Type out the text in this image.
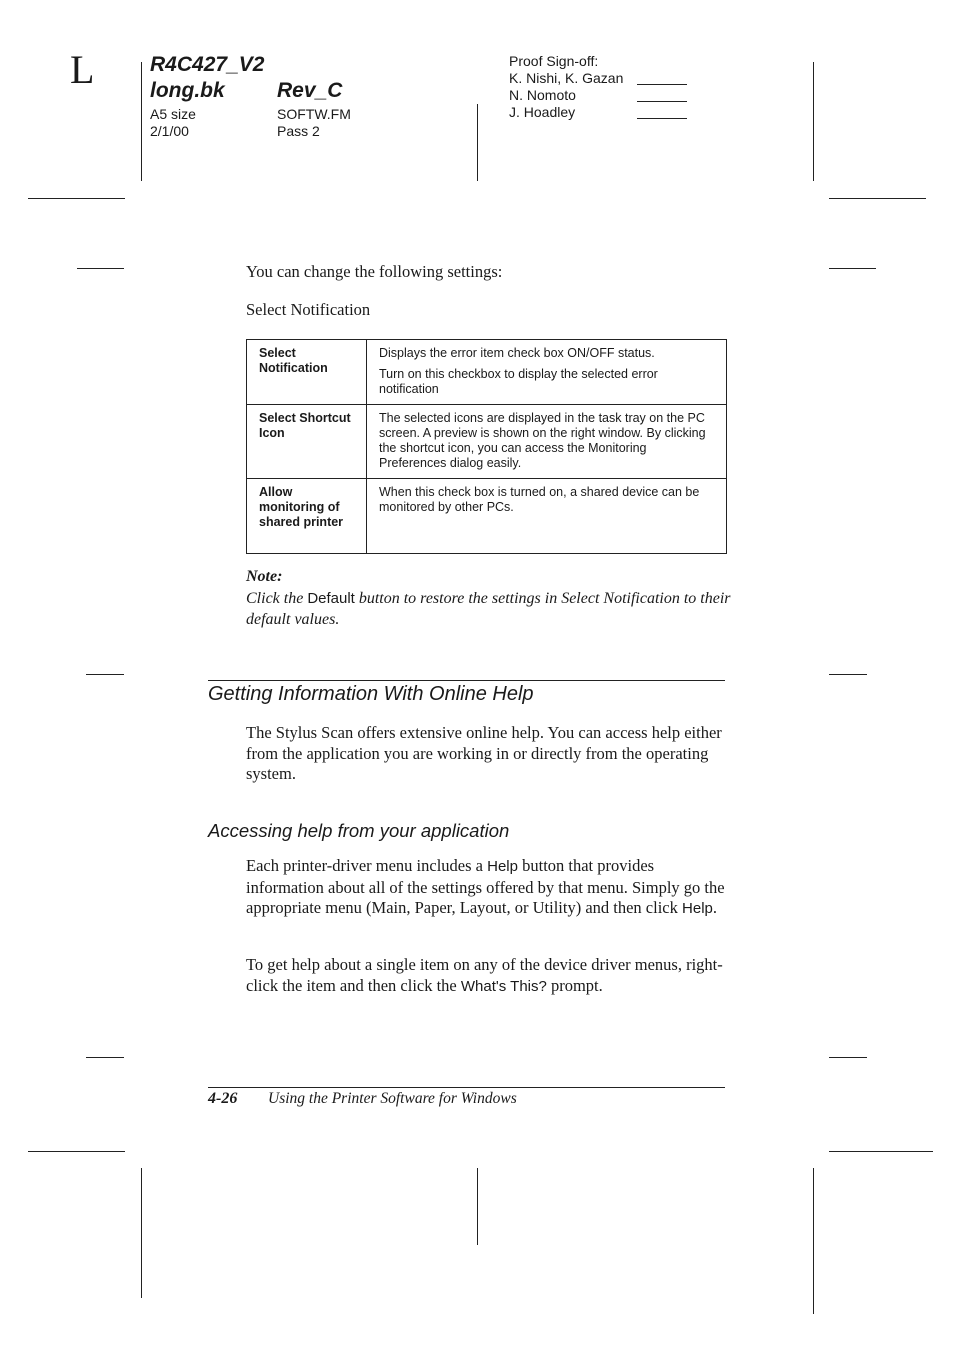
L	R4C427_V2
long.bk Rev_C
A5 size
2/1/00
SOFTW.FM
Pass 2
Proof Sign-off:
K. Nishi, K. Gazan
N. Nomoto
J. Hoadley
You can change the following settings:
Select Notification
Select Notification	Displays the error item check box ON/OFF status.

Turn on this checkbox to display the selected error notification

Select Shortcut Icon	The selected icons are displayed in the task tray on the PC screen. A preview is shown on the right window. By clicking the shortcut icon, you can access the Monitoring Preferences dialog easily.

Allow monitoring of shared printer	When this check box is turned on, a shared device can be monitored by other PCs.

Note:
Click the Default button to restore the settings in Select Notification to their default values.
Getting Information With Online Help
The Stylus Scan offers extensive online help. You can access help either from the application you are working in or directly from the operating system.
Accessing help from your application
Each printer-driver menu includes a Help button that provides information about all of the settings offered by that menu. Simply go the appropriate menu (Main, Paper, Layout, or Utility) and then click Help.
To get help about a single item on any of the device driver menus, right-click the item and then click the What's This? prompt.
4-26 Using the Printer Software for Windows
